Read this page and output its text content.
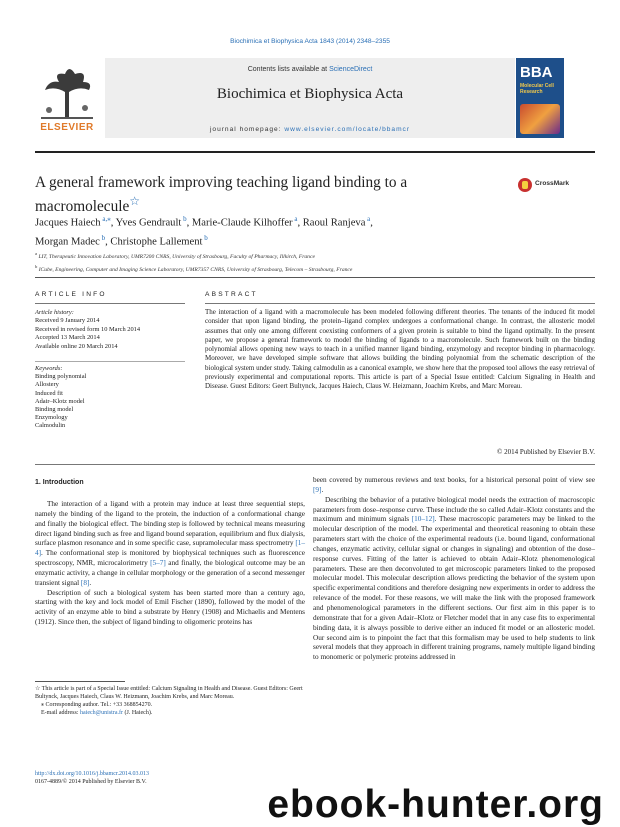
Biochimica et Biophysica Acta 1843 (2014) 2348–2355
ELSEVIER
Contents lists available at ScienceDirect
Biochimica et Biophysica Acta
journal homepage: www.elsevier.com/locate/bbamcr
BBA
Molecular Cell Research
A general framework improving teaching ligand binding to a macromolecule☆
CrossMark
Jacques Haiech $^{a,⁎}$, Yves Gendrault $^b$, Marie-Claude Kilhoffer $^a$, Raoul Ranjeva $^a$,
Morgan Madec $^b$, Christophe Lallement $^b$
$^a$ LIT, Therapeutic Innovation Laboratory, UMR7200 CNRS, University of Strasbourg, Faculty of Pharmacy, Illkirch, France
$^b$ ICube, Engineering, Computer and Imaging Science Laboratory, UMR7357 CNRS, University of Strasbourg, Telecom – Strasbourg, France
ARTICLE INFO	ABSTRACT
Article history:
Received 9 January 2014
Received in revised form 10 March 2014
Accepted 13 March 2014
Available online 20 March 2014
Keywords:
Binding polynomial
Allostery
Induced fit
Adair–Klotz model
Binding model
Enzymology
Calmodulin
The interaction of a ligand with a macromolecule has been modeled following different theories. The tenants of the induced fit model consider that upon ligand binding, the protein–ligand complex undergoes a conformational change. In contrast, the allosteric model assumes that only one among different coexisting conformers of a given protein is suitable to bind the ligand optimally. In the present paper, we propose a general framework to model the binding of ligands to a macromolecule. Such framework built on the binding polynomial allows opening new ways to teach in a unified manner ligand binding, enzymology and receptor binding in pharmacology. Moreover, we have developed simple software that allows building the binding polynomial from the schematic description of the biological system under study. Taking calmodulin as a canonical example, we show here that the proposed tool allows the easy retrieval of previously experimental and computational reports. This article is part of a Special Issue entitled: Calcium Signaling in Health and Disease. Guest Editors: Geert Bultynck, Jacques Haiech, Claus W. Heizmann, Joachim Krebs, and Marc Moreau.
© 2014 Published by Elsevier B.V.
1. Introduction

The interaction of a ligand with a protein may induce at least three sequential steps, namely the binding of the ligand to the protein, the induction of a conformational change and finally the biological effect. The binding step is followed by technical means measuring direct ligand binding such as free and ligand bound separation, equilibrium and flux dialysis, surface plasmon resonance and in some specific case, supramolecular mass spectrometry [1–4]. The conformational step is monitored by biophysical techniques such as fluorescence spectroscopy, NMR, microcalorimetry [5–7] and finally, the biological outcome may be an enzymatic activity, a change in cellular morphology or the generation of a second messenger transient signal [8].

Description of such a biological system has been started more than a century ago, starting with the key and lock model of Emil Fischer (1890), followed by the model of the activity of an enzyme able to bind a substrate by Henry (1908) and Michaelis and Mentens (1912). Since then, the subject of ligand binding to oligomeric proteins has

been covered by numerous reviews and text books, for a historical personal point of view see [9].

Describing the behavior of a putative biological model needs the extraction of macroscopic parameters from dose–response curve. These include the so called Adair–Klotz constants and the maximum and minimum signals [10–12]. These macroscopic parameters may be linked to the molecular description of the model. The experimental and theoretical reasoning to obtain these parameters start with the choice of the experimental readouts (i.e. bound ligand, conformational changes, enzymatic activity, cellular signal or changes in signaling) and obtention of the dose–response curves. Fitting of the latter is achieved to obtain Adair–Klotz phenomenological parameters. These are then deconvoluted to get microscopic parameters linked to the proposed molecular model. This molecular description allows predicting the behavior of the system upon specific experimental conditions and therefore designing new experiments in order to address the relevance of the model. For these reasons, we will make the link with the proposed framework and phenomenological parameters in the different sections. Our first aim in this paper is to demonstrate that for a given Adair–Klotz or Fletcher model that in any case fits to experimental binding data, it is always possible to derive either an induced fit model or an allosteric model. Our second aim is to pinpoint the fact that this formalism may be used to help students to link several models that they approach in different training programs, namely multiple ligand binding to monomeric or polymeric proteins addressed in

☆ This article is part of a Special Issue entitled: Calcium Signaling in Health and Disease. Guest Editors: Geert Bultynck, Jacques Haiech, Claus W. Heizmann, Joachim Krebs, and Marc Moreau.
⁎ Corresponding author. Tel.: +33 368854270.
E-mail address: haiech@unistra.fr (J. Haiech).
http://dx.doi.org/10.1016/j.bbamcr.2014.03.013
0167-4889/© 2014 Published by Elsevier B.V.
ebook-hunter.org
